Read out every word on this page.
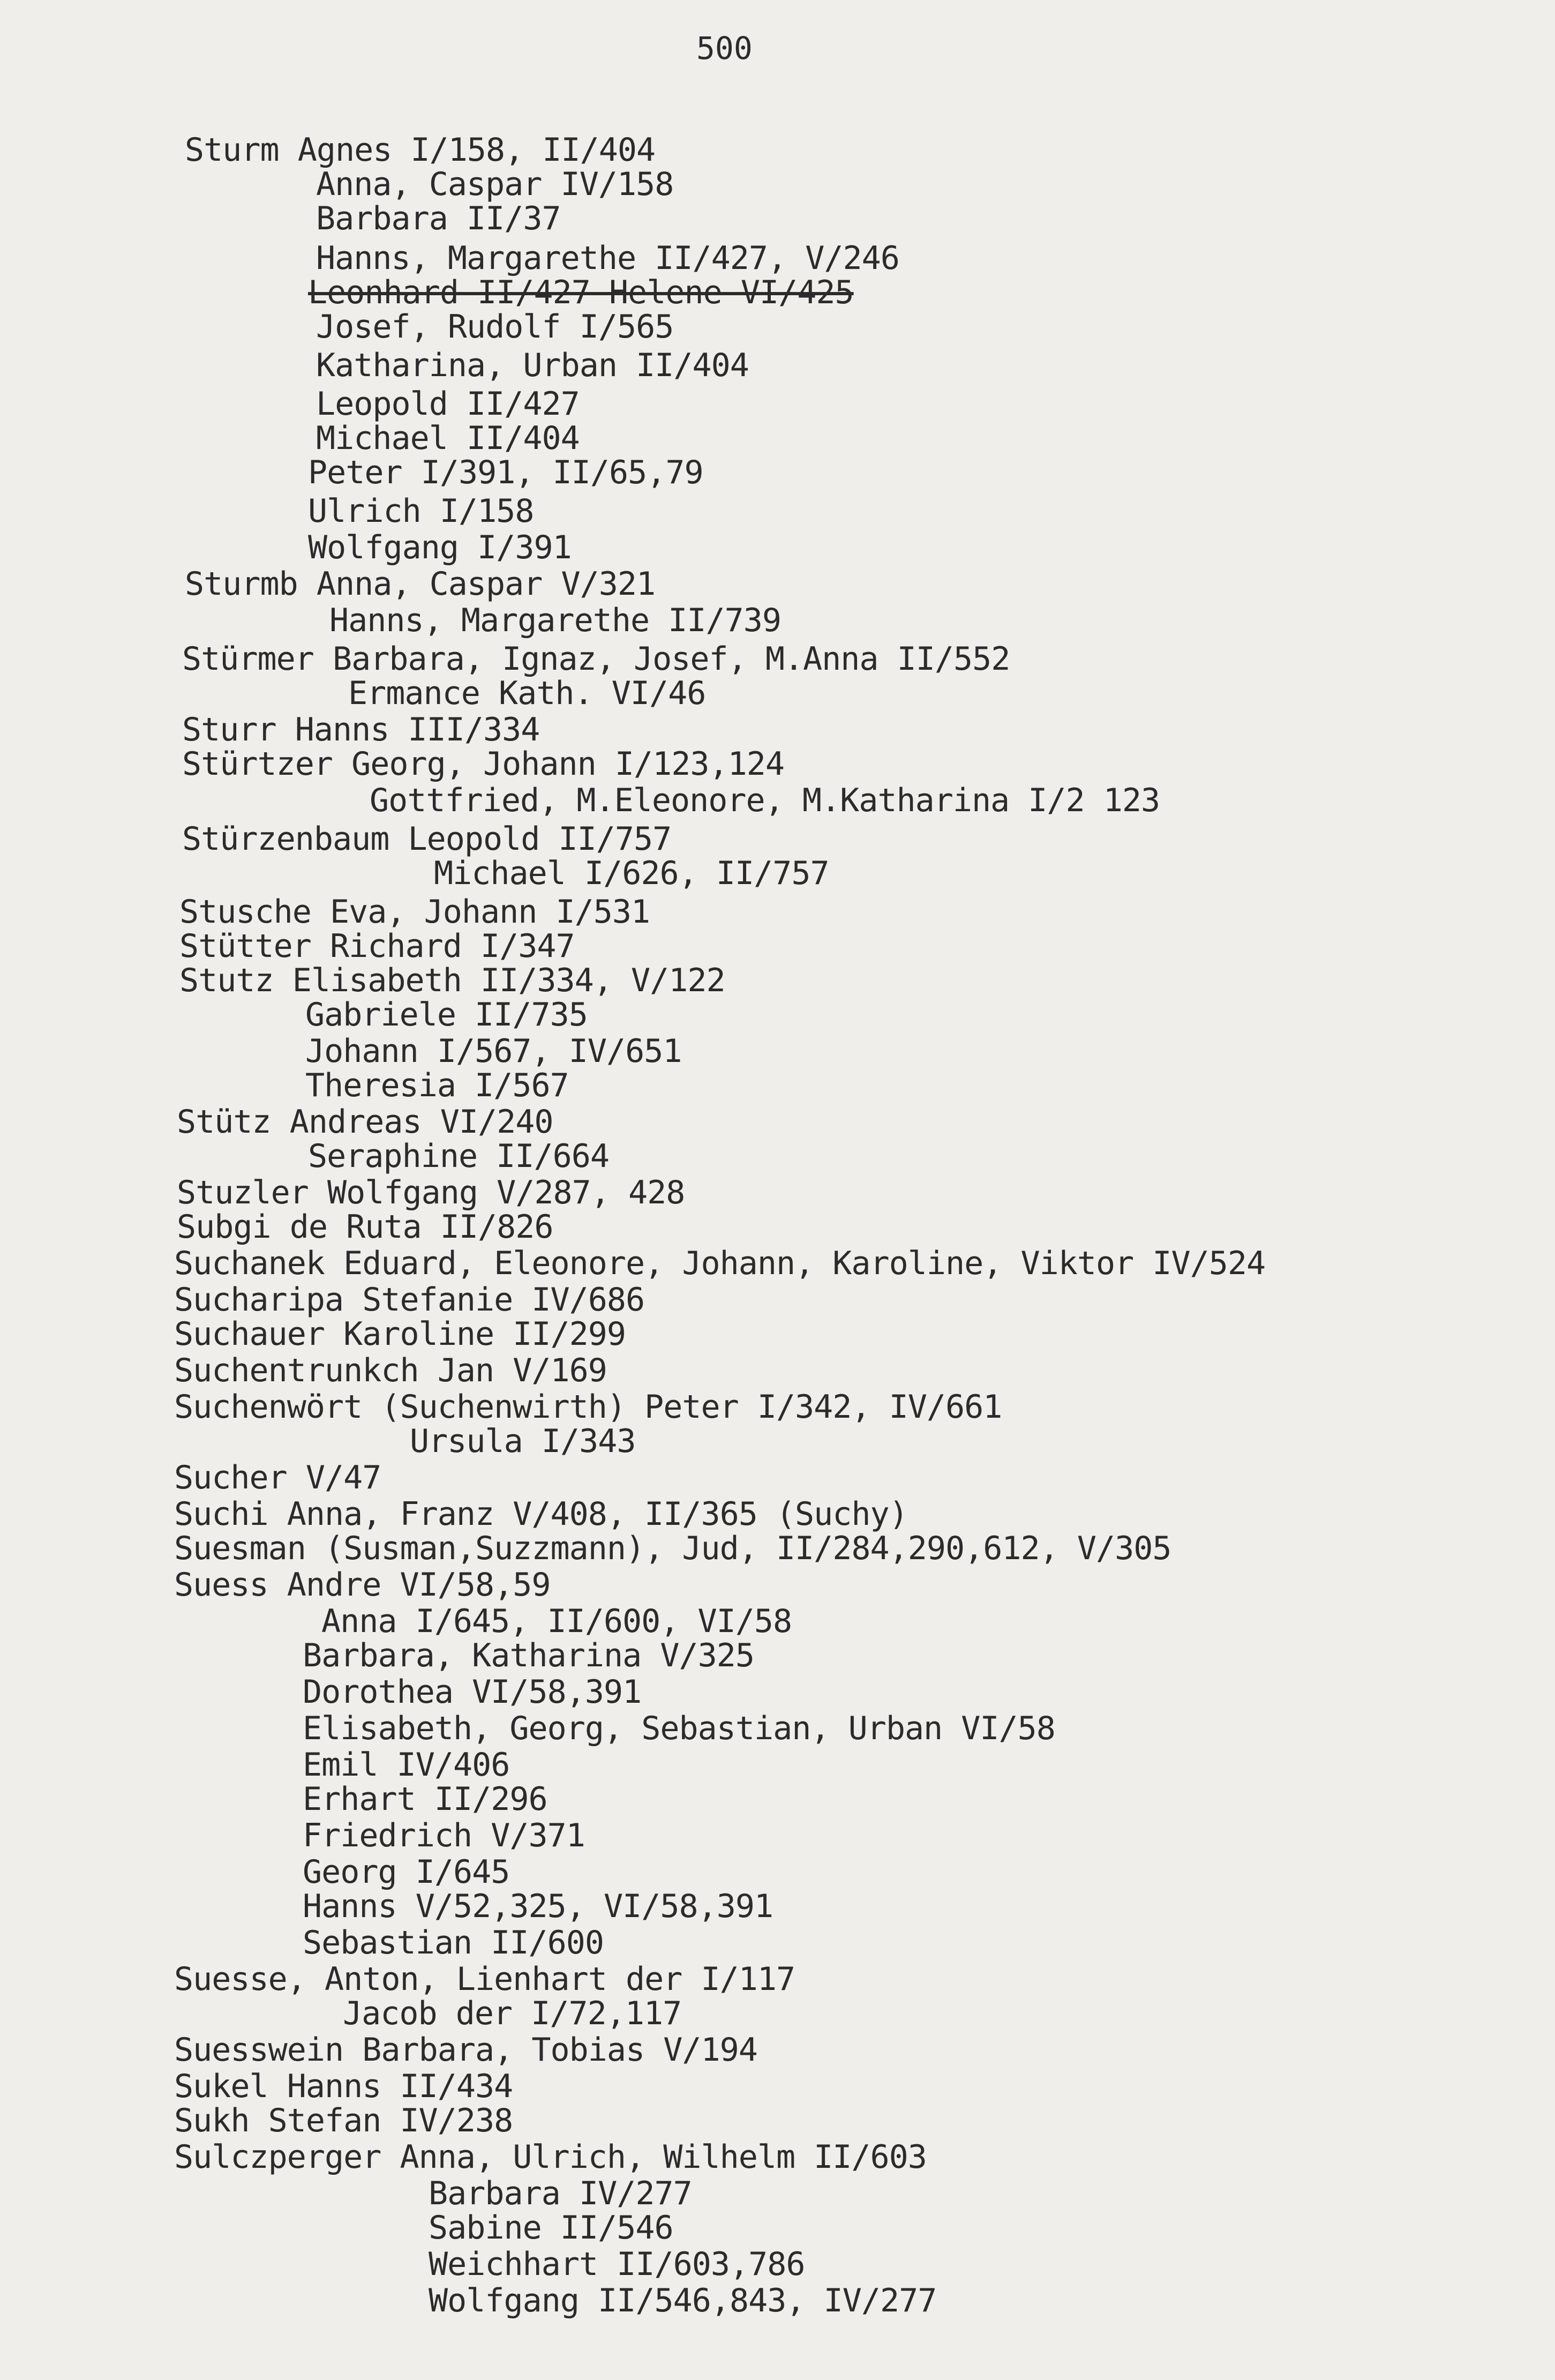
500
Sturm Agnes I/158, II/404
Anna, Caspar IV/158
Barbara II/37
Hanns, Margarethe II/427, V/246
Leonhard II/427 Helene VI/425
Josef, Rudolf I/565
Katharina, Urban II/404
Leopold II/427
Michael II/404
Peter I/391, II/65,79
Ulrich I/158
Wolfgang I/391
Sturmb Anna, Caspar V/321
Hanns, Margarethe II/739
Stürmer Barbara, Ignaz, Josef, M.Anna II/552
Ermance Kath. VI/46
Sturr Hanns III/334
Stürtzer Georg, Johann I/123,124
Gottfried, M.Eleonore, M.Katharina I/2 123
Stürzenbaum Leopold II/757
Michael I/626, II/757
Stusche Eva, Johann I/531
Stütter Richard I/347
Stutz Elisabeth II/334, V/122
Gabriele II/735
Johann I/567, IV/651
Theresia I/567
Stütz Andreas VI/240
Seraphine II/664
Stuzler Wolfgang V/287, 428
Subgi de Ruta II/826
Suchanek Eduard, Eleonore, Johann, Karoline, Viktor IV/524
Sucharipa Stefanie IV/686
Suchauer Karoline II/299
Suchentrunkch Jan V/169
Suchenwört (Suchenwirth) Peter I/342, IV/661
Ursula I/343
Sucher V/47
Suchi Anna, Franz V/408, II/365 (Suchy)
Suesman (Susman,Suzzmann), Jud, II/284,290,612, V/305
Suess Andre VI/58,59
Anna I/645, II/600, VI/58
Barbara, Katharina V/325
Dorothea VI/58,391
Elisabeth, Georg, Sebastian, Urban VI/58
Emil IV/406
Erhart II/296
Friedrich V/371
Georg I/645
Hanns V/52,325, VI/58,391
Sebastian II/600
Suesse, Anton, Lienhart der I/117
Jacob der I/72,117
Suesswein Barbara, Tobias V/194
Sukel Hanns II/434
Sukh Stefan IV/238
Sulczperger Anna, Ulrich, Wilhelm II/603
Barbara IV/277
Sabine II/546
Weichhart II/603,786
Wolfgang II/546,843, IV/277
